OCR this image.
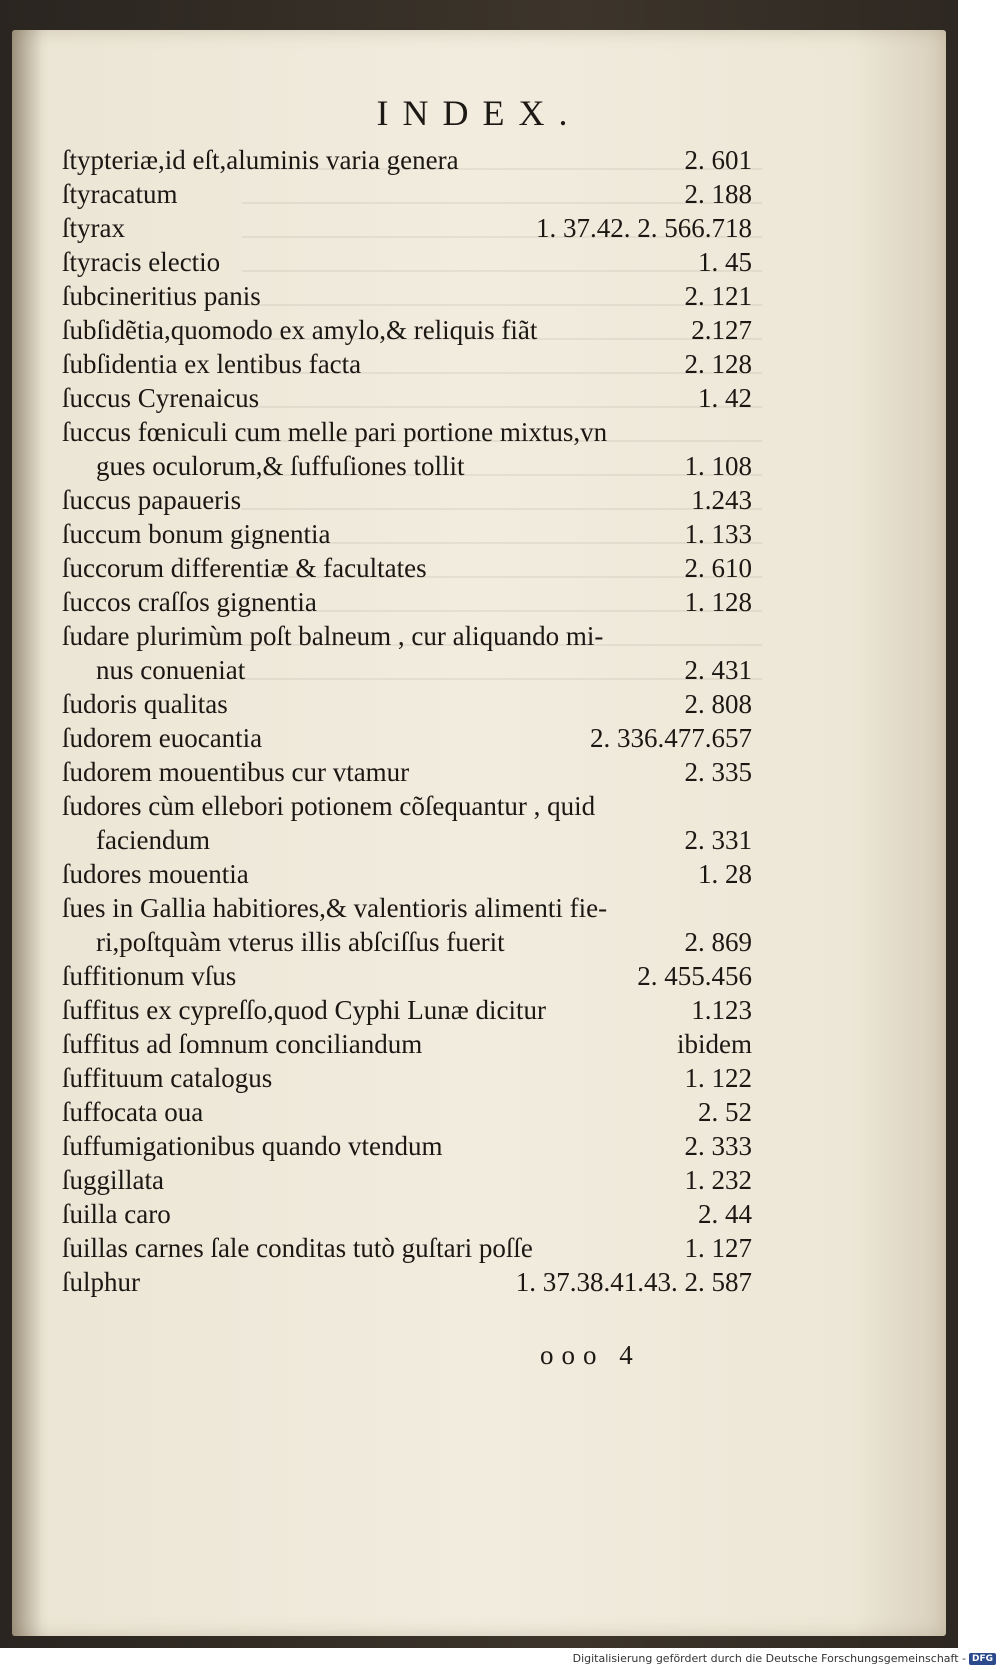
INDEX.
ſtypteriæ,id eſt,aluminis varia genera	2. 601
ſtyracatum	2. 188
ſtyrax	1. 37.42. 2. 566.718
ſtyracis electio	1. 45
ſubcineritius panis	2. 121
ſubſidẽtia,quomodo ex amylo,& reliquis fiãt	2.127
ſubſidentia ex lentibus facta	2. 128
ſuccus Cyrenaicus	1. 42
ſuccus fœniculi cum melle pari portione mixtus,vn
gues oculorum,& ſuffuſiones tollit	1. 108
ſuccus papaueris	1.243
ſuccum bonum gignentia	1. 133
ſuccorum differentiæ & facultates	2. 610
ſuccos craſſos gignentia	1. 128
ſudare plurimùm poſt balneum , cur aliquando mi-
nus conueniat	2. 431
ſudoris qualitas	2. 808
ſudorem euocantia	2. 336.477.657
ſudorem mouentibus cur vtamur	2. 335
ſudores cùm ellebori potionem cõſequantur , quid
faciendum	2. 331
ſudores mouentia	1. 28
ſues in Gallia habitiores,& valentioris alimenti fie-
ri,poſtquàm vterus illis abſciſſus fuerit	2. 869
ſuffitionum vſus	2. 455.456
ſuffitus ex cypreſſo,quod Cyphi Lunæ dicitur	1.123
ſuffitus ad ſomnum conciliandum	ibidem
ſuffituum catalogus	1. 122
ſuffocata oua	2. 52
ſuffumigationibus quando vtendum	2. 333
ſuggillata	1. 232
ſuilla caro	2. 44
ſuillas carnes ſale conditas tutò guſtari poſſe	1. 127
ſulphur	1. 37.38.41.43. 2. 587
ooo 4
Digitalisierung gefördert durch die Deutsche Forschungsgemeinschaft - DFG
